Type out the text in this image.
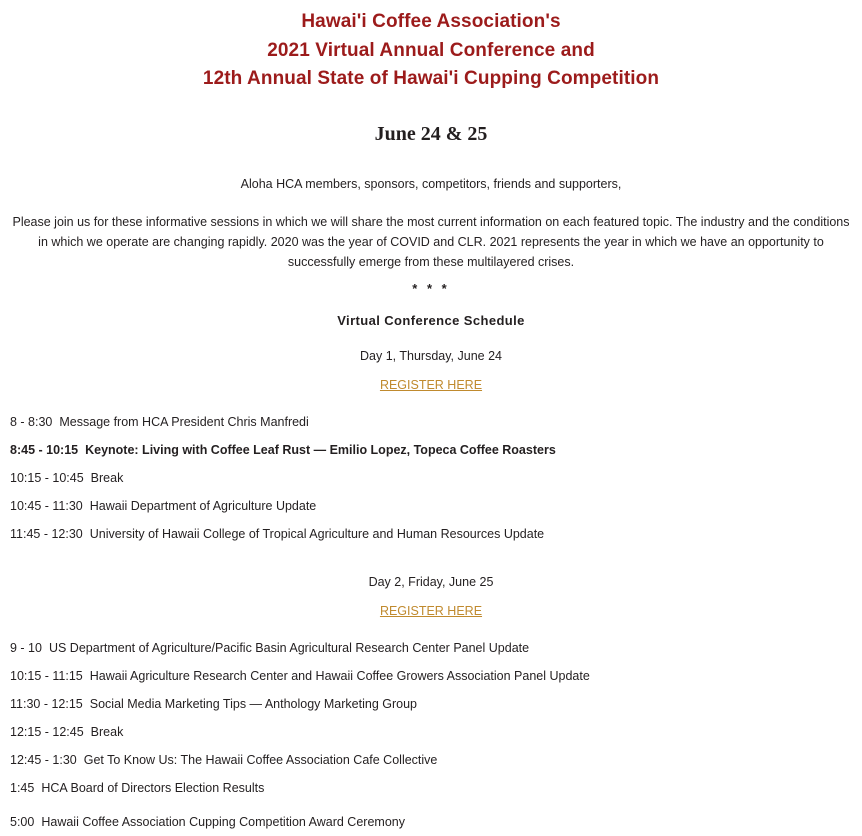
Hawai'i Coffee Association's
2021 Virtual Annual Conference and
12th Annual State of Hawai'i Cupping Competition
June 24 & 25
Aloha HCA members, sponsors, competitors, friends and supporters,
Please join us for these informative sessions in which we will share the most current information on each featured topic. The industry and the conditions in which we operate are changing rapidly. 2020 was the year of COVID and CLR. 2021 represents the year in which we have an opportunity to successfully emerge from these multilayered crises.
* * *
Virtual Conference Schedule
Day 1, Thursday, June 24
REGISTER HERE
8 - 8:30 Message from HCA President Chris Manfredi
8:45 - 10:15 Keynote: Living with Coffee Leaf Rust — Emilio Lopez, Topeca Coffee Roasters
10:15 - 10:45 Break
10:45 - 11:30 Hawaii Department of Agriculture Update
11:45 - 12:30 University of Hawaii College of Tropical Agriculture and Human Resources Update
Day 2, Friday, June 25
REGISTER HERE
9 - 10 US Department of Agriculture/Pacific Basin Agricultural Research Center Panel Update
10:15 - 11:15 Hawaii Agriculture Research Center and Hawaii Coffee Growers Association Panel Update
11:30 - 12:15 Social Media Marketing Tips — Anthology Marketing Group
12:15 - 12:45 Break
12:45 - 1:30 Get To Know Us: The Hawaii Coffee Association Cafe Collective
1:45 HCA Board of Directors Election Results
5:00 Hawaii Coffee Association Cupping Competition Award Ceremony
